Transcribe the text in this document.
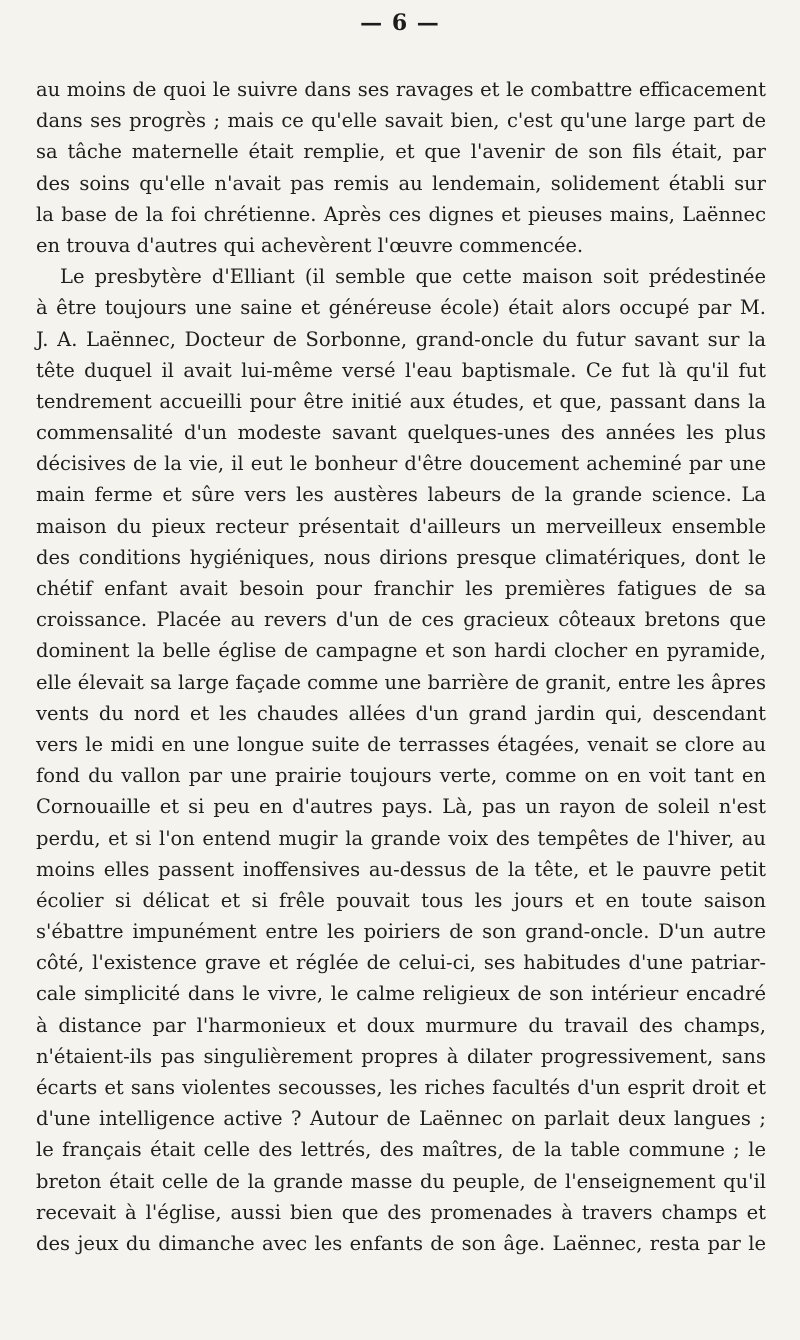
— 6 —
au moins de quoi le suivre dans ses ravages et le combattre efficacement
dans ses progrès ; mais ce qu'elle savait bien, c'est qu'une large part de
sa tâche maternelle était remplie, et que l'avenir de son fils était, par
des soins qu'elle n'avait pas remis au lendemain, solidement établi sur
la base de la foi chrétienne. Après ces dignes et pieuses mains, Laënnec
en trouva d'autres qui achevèrent l'œuvre commencée.
Le presbytère d'Elliant (il semble que cette maison soit prédestinée
à être toujours une saine et généreuse école) était alors occupé par M.
J. A. Laënnec, Docteur de Sorbonne, grand-oncle du futur savant sur la
tête duquel il avait lui-même versé l'eau baptismale. Ce fut là qu'il fut
tendrement accueilli pour être initié aux études, et que, passant dans la
commensalité d'un modeste savant quelques-unes des années les plus
décisives de la vie, il eut le bonheur d'être doucement acheminé par une
main ferme et sûre vers les austères labeurs de la grande science. La
maison du pieux recteur présentait d'ailleurs un merveilleux ensemble
des conditions hygiéniques, nous dirions presque climatériques, dont le
chétif enfant avait besoin pour franchir les premières fatigues de sa
croissance. Placée au revers d'un de ces gracieux côteaux bretons que
dominent la belle église de campagne et son hardi clocher en pyramide,
elle élevait sa large façade comme une barrière de granit, entre les âpres
vents du nord et les chaudes allées d'un grand jardin qui, descendant
vers le midi en une longue suite de terrasses étagées, venait se clore au
fond du vallon par une prairie toujours verte, comme on en voit tant en
Cornouaille et si peu en d'autres pays. Là, pas un rayon de soleil n'est
perdu, et si l'on entend mugir la grande voix des tempêtes de l'hiver, au
moins elles passent inoffensives au-dessus de la tête, et le pauvre petit
écolier si délicat et si frêle pouvait tous les jours et en toute saison
s'ébattre impunément entre les poiriers de son grand-oncle. D'un autre
côté, l'existence grave et réglée de celui-ci, ses habitudes d'une patriar-
cale simplicité dans le vivre, le calme religieux de son intérieur encadré
à distance par l'harmonieux et doux murmure du travail des champs,
n'étaient-ils pas singulièrement propres à dilater progressivement, sans
écarts et sans violentes secousses, les riches facultés d'un esprit droit et
d'une intelligence active ? Autour de Laënnec on parlait deux langues ;
le français était celle des lettrés, des maîtres, de la table commune ; le
breton était celle de la grande masse du peuple, de l'enseignement qu'il
recevait à l'église, aussi bien que des promenades à travers champs et
des jeux du dimanche avec les enfants de son âge. Laënnec, resta par le
